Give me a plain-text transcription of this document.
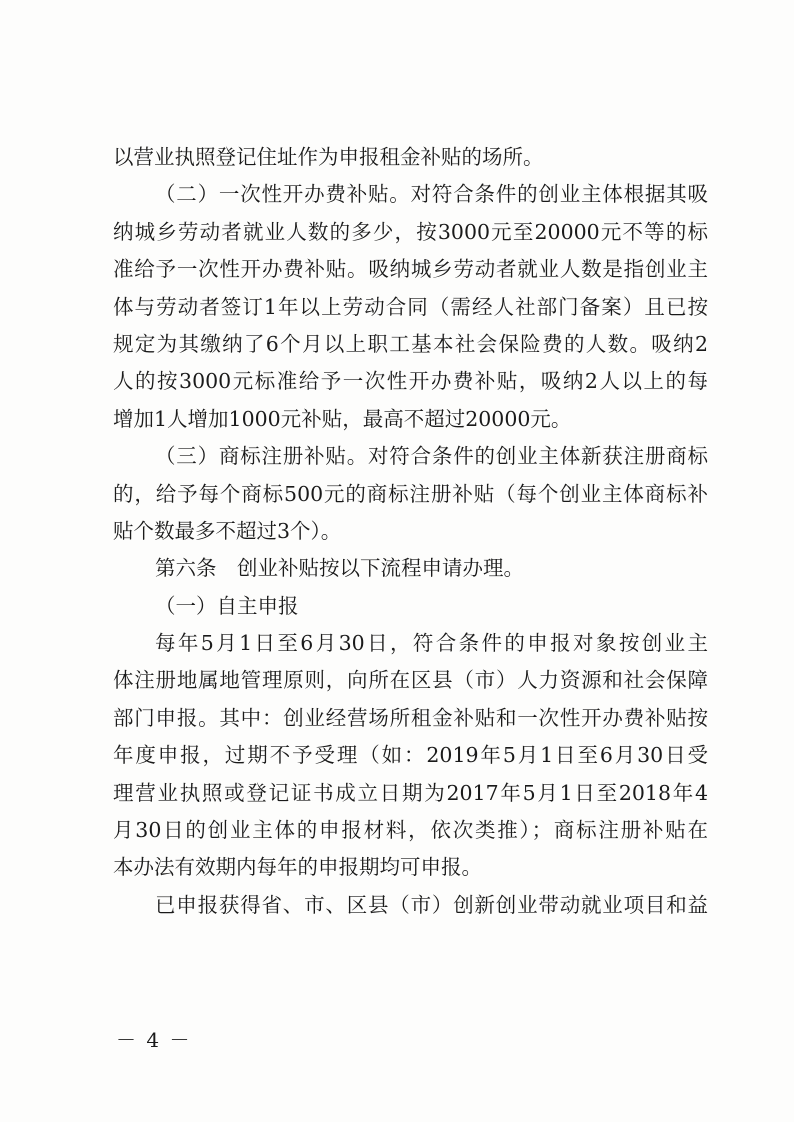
以营业执照登记住址作为申报租金补贴的场所。
（二）一次性开办费补贴。对符合条件的创业主体根据其吸
纳城乡劳动者就业人数的多少，按3000元至20000元不等的标
准给予一次性开办费补贴。吸纳城乡劳动者就业人数是指创业主
体与劳动者签订1年以上劳动合同（需经人社部门备案）且已按
规定为其缴纳了6个月以上职工基本社会保险费的人数。吸纳2
人的按3000元标准给予一次性开办费补贴，吸纳2人以上的每
增加1人增加1000元补贴，最高不超过20000元。
（三）商标注册补贴。对符合条件的创业主体新获注册商标
的，给予每个商标500元的商标注册补贴（每个创业主体商标补
贴个数最多不超过3个）。
第六条　创业补贴按以下流程申请办理。
（一）自主申报
每年5月1日至6月30日，符合条件的申报对象按创业主
体注册地属地管理原则，向所在区县（市）人力资源和社会保障
部门申报。其中：创业经营场所租金补贴和一次性开办费补贴按
年度申报，过期不予受理（如：2019年5月1日至6月30日受
理营业执照或登记证书成立日期为2017年5月1日至2018年4
月30日的创业主体的申报材料，依次类推）；商标注册补贴在
本办法有效期内每年的申报期均可申报。
已申报获得省、市、区县（市）创新创业带动就业项目和益
－ 4 －
